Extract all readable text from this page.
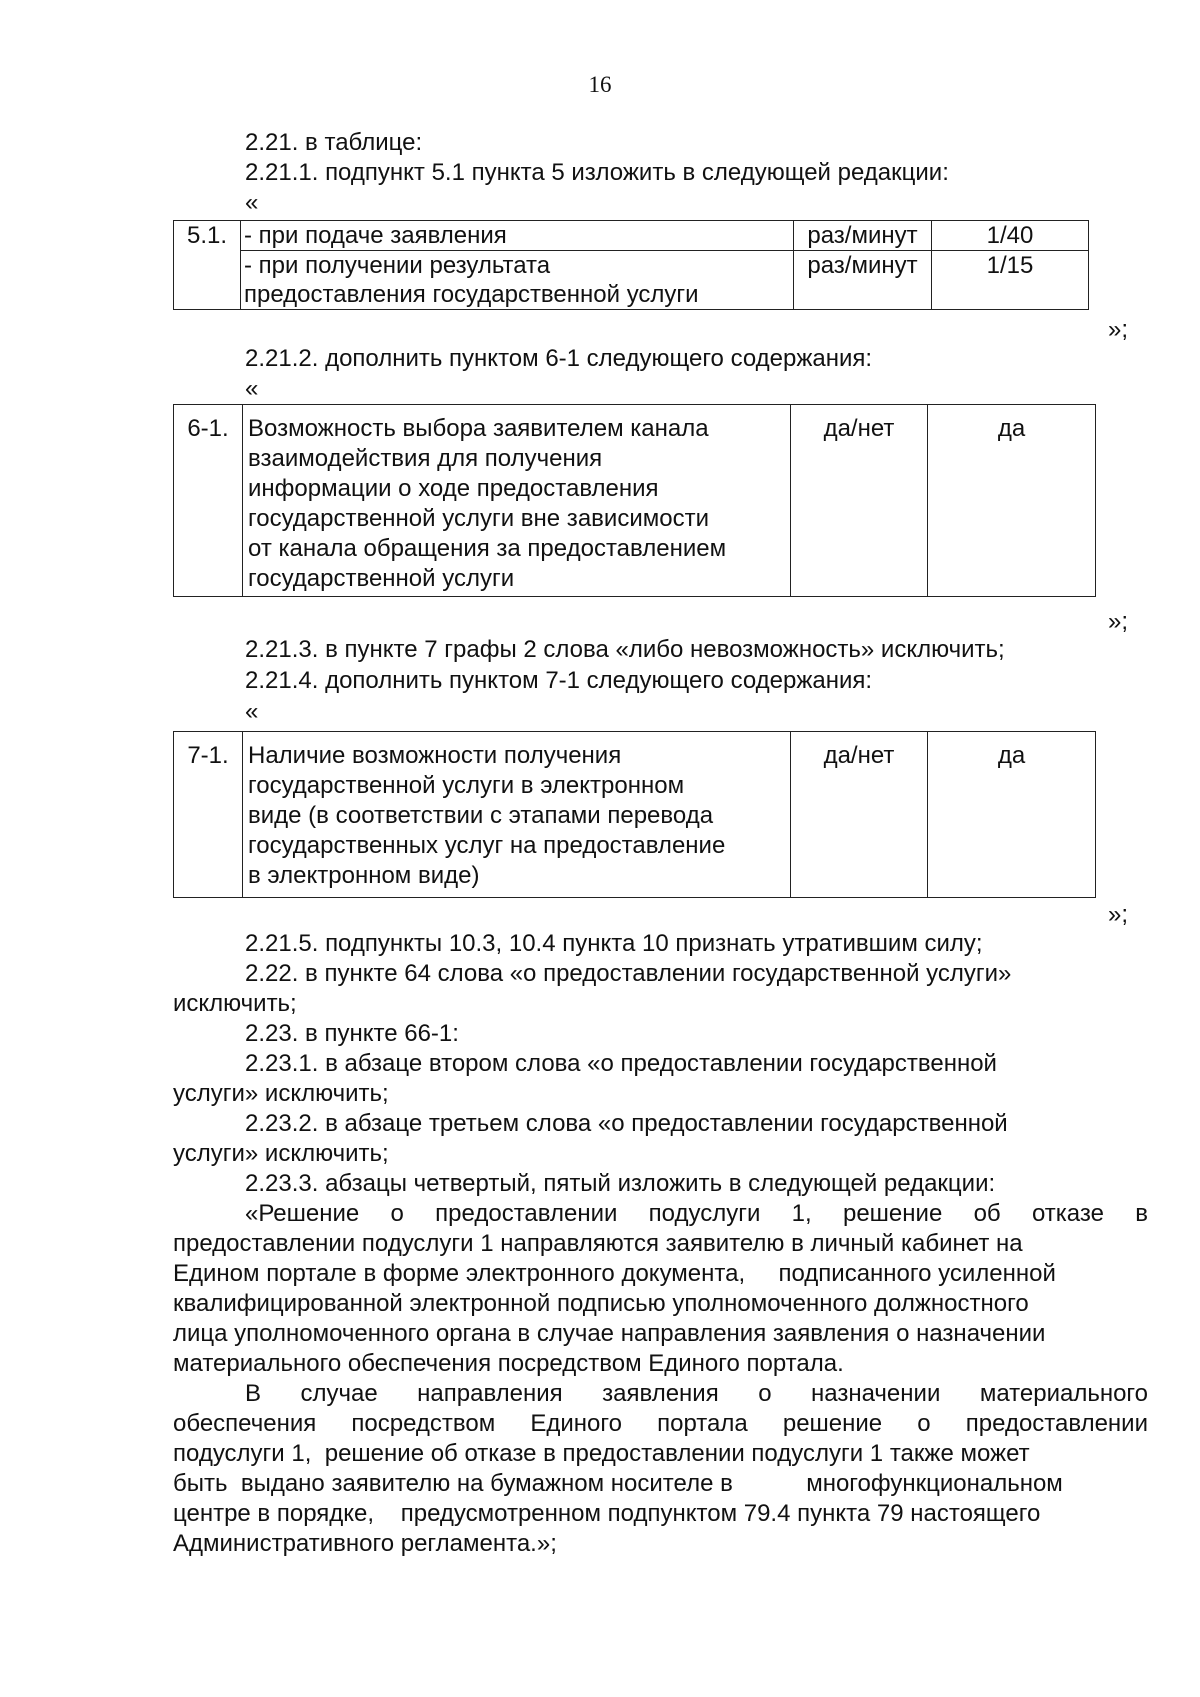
16
2.21. в таблице:
2.21.1. подпункт 5.1 пункта 5 изложить в следующей редакции:
«
5.1.	- при подаче заявления	раз/минут	1/40

	- при получении результата
предоставления государственной услуги	раз/минут	1/15
»;
2.21.2. дополнить пунктом 6-1 следующего содержания:
«
6-1.	Возможность выбора заявителем канала
взаимодействия для получения
информации о ходе предоставления
государственной услуги вне зависимости
от канала обращения за предоставлением
государственной услуги
	да/нет	да
»;
2.21.3. в пункте 7 графы 2 слова «либо невозможность» исключить;
2.21.4. дополнить пунктом 7-1 следующего содержания:
«
7-1.	Наличие возможности получения
государственной услуги в электронном
виде (в соответствии с этапами перевода
государственных услуг на предоставление
в электронном виде)
	да/нет	да
»;
2.21.5. подпункты 10.3, 10.4 пункта 10 признать утратившим силу;
2.22. в пункте 64 слова «о предоставлении государственной услуги»
исключить;
2.23. в пункте 66-1:
2.23.1. в абзаце втором слова «о предоставлении государственной
услуги» исключить;
2.23.2. в абзаце третьем слова «о предоставлении государственной
услуги» исключить;
2.23.3. абзацы четвертый, пятый изложить в следующей редакции:
«Решение о предоставлении подуслуги 1, решение об отказе в
предоставлении подуслуги 1 направляются заявителю в личный кабинет на
Едином портале в форме электронного документа,     подписанного усиленной
квалифицированной электронной подписью уполномоченного должностного
лица уполномоченного органа в случае направления заявления о назначении
материального обеспечения посредством Единого портала.
В случае направления заявления о назначении материального
обеспечения посредством Единого портала решение о предоставлении
подуслуги 1,  решение об отказе в предоставлении подуслуги 1 также может
быть  выдано заявителю на бумажном носителе в           многофункциональном
центре в порядке,    предусмотренном подпунктом 79.4 пункта 79 настоящего
Административного регламента.»;
